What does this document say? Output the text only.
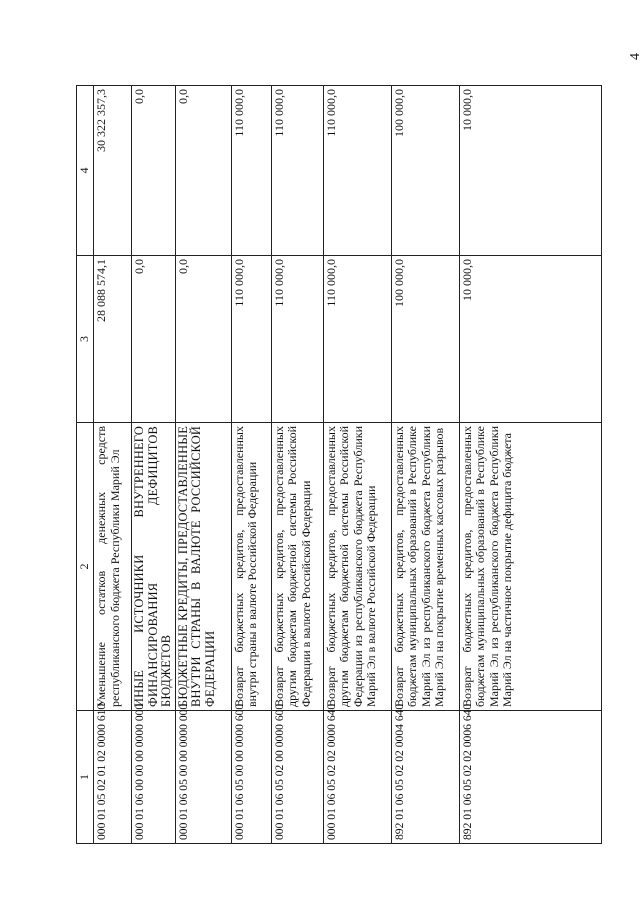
4
1	2	3	4
000 01 05 02 01 02 0000 610	Уменьшение остатков денежных средств республиканского бюджета Республики Марий Эл	28 088 574,1	30 322 357,3
000 01 06 00 00 00 0000 000	ИНЫЕ ИСТОЧНИКИ ВНУТРЕННЕГО ФИНАНСИРОВАНИЯ ДЕФИЦИТОВ БЮДЖЕТОВ	0,0	0,0
000 01 06 05 00 00 0000 000	БЮДЖЕТНЫЕ КРЕДИТЫ, ПРЕДОСТАВЛЕННЫЕ ВНУТРИ СТРАНЫ В ВАЛЮТЕ РОССИЙСКОЙ ФЕДЕРАЦИИ	0,0	0,0
000 01 06 05 00 00 0000 600	Возврат бюджетных кредитов, предоставленных внутри страны в валюте Российской Федерации	110 000,0	110 000,0
000 01 06 05 02 00 0000 600	Возврат бюджетных кредитов, предоставленных другим бюджетам бюджетной системы Российской Федерации в валюте Российской Федерации	110 000,0	110 000,0
000 01 06 05 02 02 0000 640	Возврат бюджетных кредитов, предоставленных другим бюджетам бюджетной системы Российской Федерации из республиканского бюджета Республики Марий Эл в валюте Российской Федерации	110 000,0	110 000,0
892 01 06 05 02 02 0004 640	Возврат бюджетных кредитов, предоставленных бюджетам муниципальных образований в Республике Марий Эл из республиканского бюджета Республики Марий Эл на покрытие временных кассовых разрывов	100 000,0	100 000,0
892 01 06 05 02 02 0006 640	Возврат бюджетных кредитов, предоставленных бюджетам муниципальных образований в Республике Марий Эл из республиканского бюджета Республики Марий Эл на частичное покрытие дефицита бюджета	10 000,0	10 000,0
